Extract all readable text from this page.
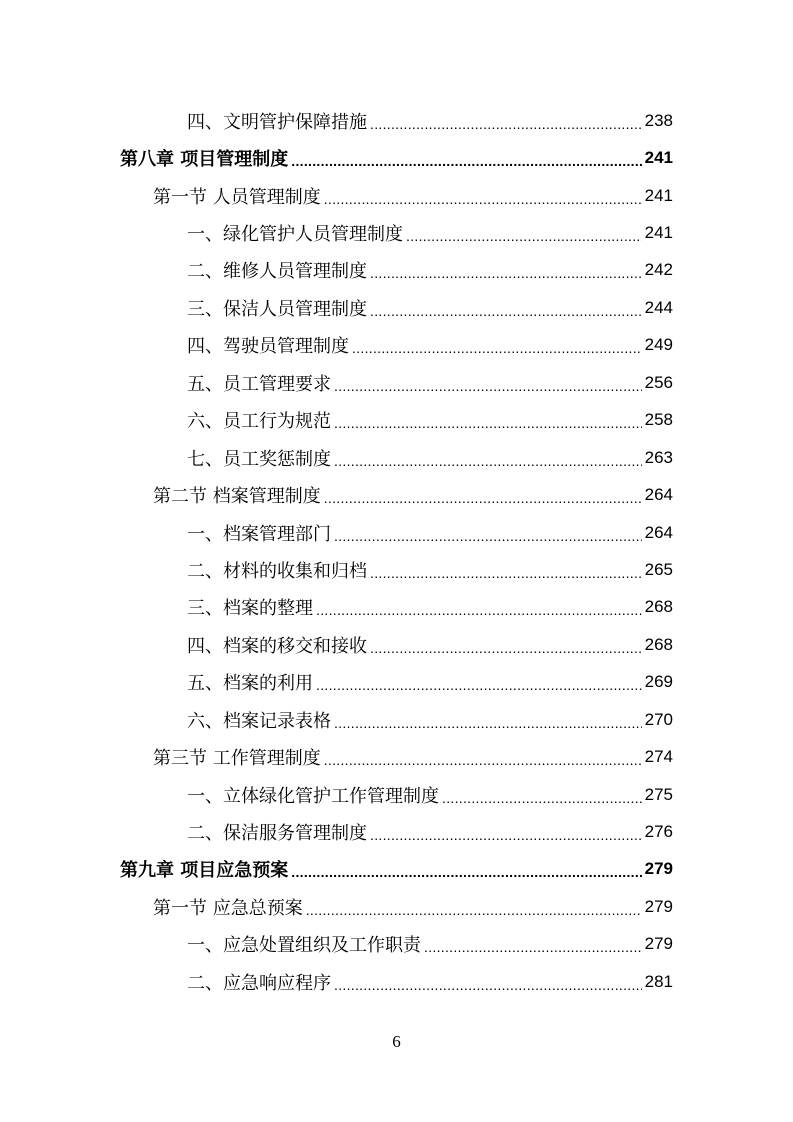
四、文明管护保障措施 .....	238
第八章 项目管理制度 .....	241
第一节 人员管理制度 .....	241
一、绿化管护人员管理制度 .....	241
二、维修人员管理制度 .....	242
三、保洁人员管理制度 .....	244
四、驾驶员管理制度 .....	249
五、员工管理要求 .....	256
六、员工行为规范 .....	258
七、员工奖惩制度 .....	263
第二节 档案管理制度 .....	264
一、档案管理部门 .....	264
二、材料的收集和归档 .....	265
三、档案的整理 .....	268
四、档案的移交和接收 .....	268
五、档案的利用 .....	269
六、档案记录表格 .....	270
第三节 工作管理制度 .....	274
一、立体绿化管护工作管理制度 .....	275
二、保洁服务管理制度 .....	276
第九章 项目应急预案 .....	279
第一节 应急总预案 .....	279
一、应急处置组织及工作职责 .....	279
二、应急响应程序 .....	281
6
